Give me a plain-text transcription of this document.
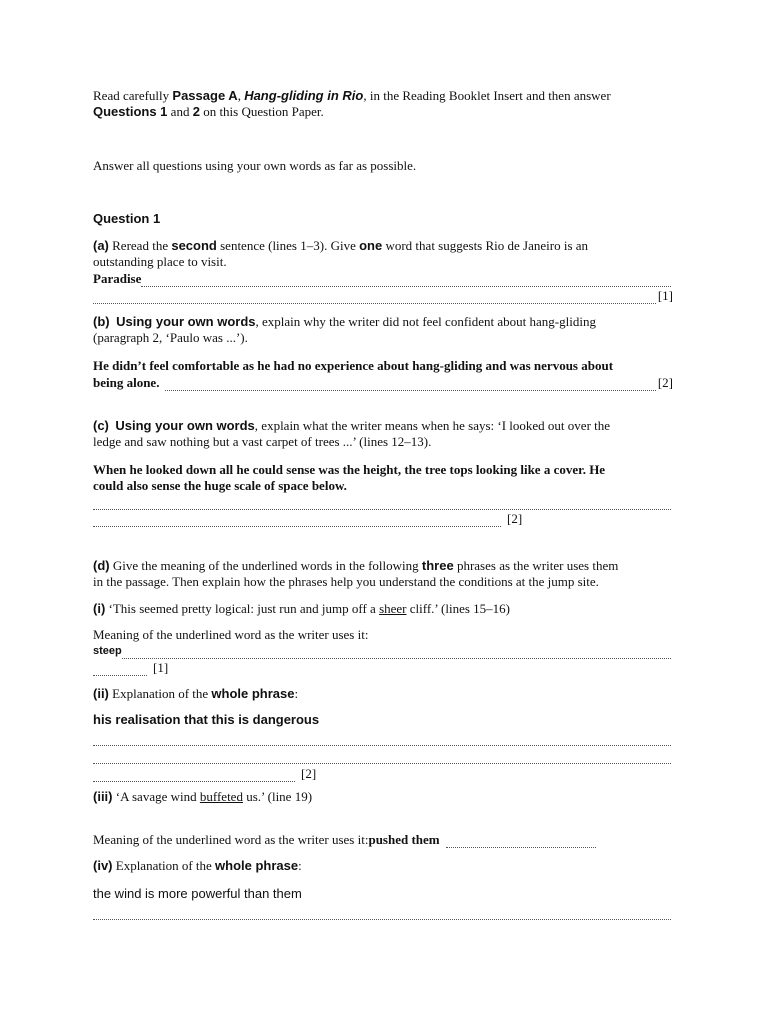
Read carefully Passage A, Hang-gliding in Rio, in the Reading Booklet Insert and then answer
Questions 1 and 2 on this Question Paper.
Answer all questions using your own words as far as possible.
Question 1
(a) Reread the second sentence (lines 1–3). Give one word that suggests Rio de Janeiro is an
outstanding place to visit.
Paradise
[1]
(b) Using your own words, explain why the writer did not feel confident about hang-gliding
(paragraph 2, ‘Paulo was ...’).
He didn’t feel comfortable as he had no experience about hang-gliding and was nervous about
being alone.	[2]
(c) Using your own words, explain what the writer means when he says: ‘I looked out over the
ledge and saw nothing but a vast carpet of trees ...’ (lines 12–13).
When he looked down all he could sense was the height, the tree tops looking like a cover. He
could also sense the huge scale of space below.
[2]
(d) Give the meaning of the underlined words in the following three phrases as the writer uses them
in the passage. Then explain how the phrases help you understand the conditions at the jump site.
(i) ‘This seemed pretty logical: just run and jump off a sheer cliff.’ (lines 15–16)
Meaning of the underlined word as the writer uses it:
steep
[1]
(ii) Explanation of the whole phrase:
his realisation that this is dangerous
[2]
(iii) ‘A savage wind buffeted us.’ (line 19)
Meaning of the underlined word as the writer uses it: pushed them
(iv) Explanation of the whole phrase:
the wind is more powerful than them
